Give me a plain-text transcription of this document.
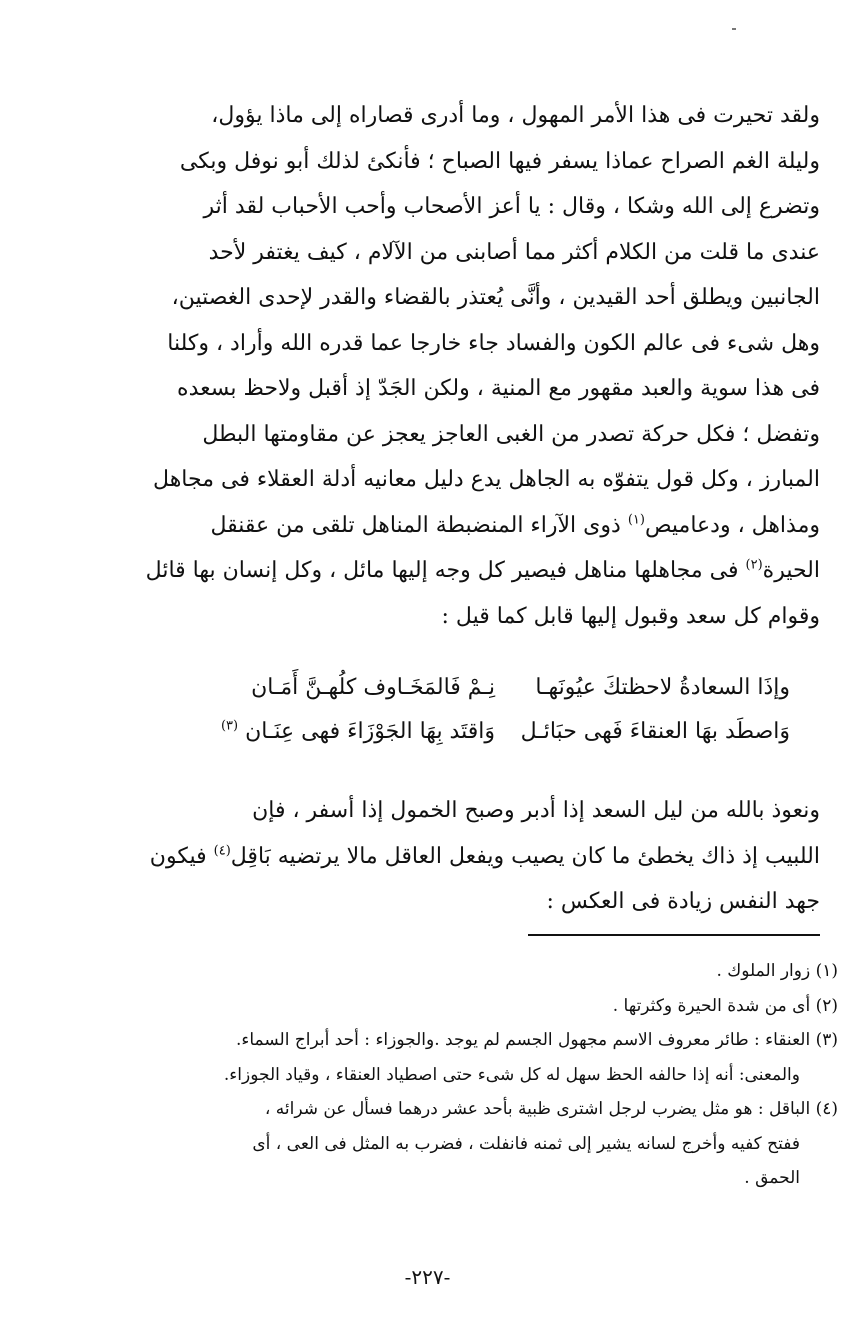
ولقد تحيرت فى هذا الأمر المهول ، وما أدرى قصاراه إلى ماذا يؤول،
وليلة الغم الصراح عماذا يسفر فيها الصباح ؛ فأنكئ لذلك أبو نوفل وبكى
وتضرع إلى الله وشكا ، وقال : يا أعز الأصحاب وأحب الأحباب لقد أثر
عندى ما قلت من الكلام أكثر مما أصابنى من الآلام ، كيف يغتفر لأحد
الجانبين ويطلق أحد القيدين ، وأنَّى يُعتذر بالقضاء والقدر لإحدى الغصتين،
وهل شىء فى عالم الكون والفساد جاء خارجا عما قدره الله وأراد ، وكلنا
فى هذا سوية والعبد مقهور مع المنية ، ولكن الجَدّ إذ أقبل ولاحظ بسعده
وتفضل ؛ فكل حركة تصدر من الغبى العاجز يعجز عن مقاومتها البطل
المبارز ، وكل قول يتفوّه به الجاهل يدع دليل معانيه أدلة العقلاء فى مجاهل
ومذاهل ، ودعاميص$^{(١)}$ ذوى الآراء المنضبطة المناهل تلقى من عقنقل
الحيرة$^{(٢)}$ فى مجاهلها مناهل فيصير كل وجه إليها مائل ، وكل إنسان بها قائل
وقوام كل سعد وقبول إليها قابل كما قيل :
وإذَا السعادةُ لاحظتكَ عيُونَهـا
نِـمْ فَالمَخَـاوف كلُهـنَّ أَمَـان
وَاصطَد بهَا العنقاءَ فَهى حبَائـل
وَاقتَد بِهَا الجَوْزَاءَ فهى عِنَـان $^{(٣)}$
ونعوذ بالله من ليل السعد إذا أدبر وصبح الخمول إذا أسفر ، فإن
اللبيب إذ ذاك يخطئ ما كان يصيب ويفعل العاقل مالا يرتضيه بَاقِل$^{(٤)}$ فيكون
جهد النفس زيادة فى العكس :
(١) زوار الملوك .
(٢) أى من شدة الحيرة وكثرتها .
(٣) العنقاء : طائر معروف الاسم مجهول الجسم لم يوجد .والجوزاء : أحد أبراج السماء.
والمعنى: أنه إذا حالفه الحظ سهل له كل شىء حتى اصطياد العنقاء ، وقياد الجوزاء.
(٤) الباقل : هو مثل يضرب لرجل اشترى ظبية بأحد عشر درهما فسأل عن شرائه ،
ففتح كفيه وأخرج لسانه يشير إلى ثمنه فانفلت ، فضرب به المثل فى العى ، أى
الحمق .
-٢٢٧-
